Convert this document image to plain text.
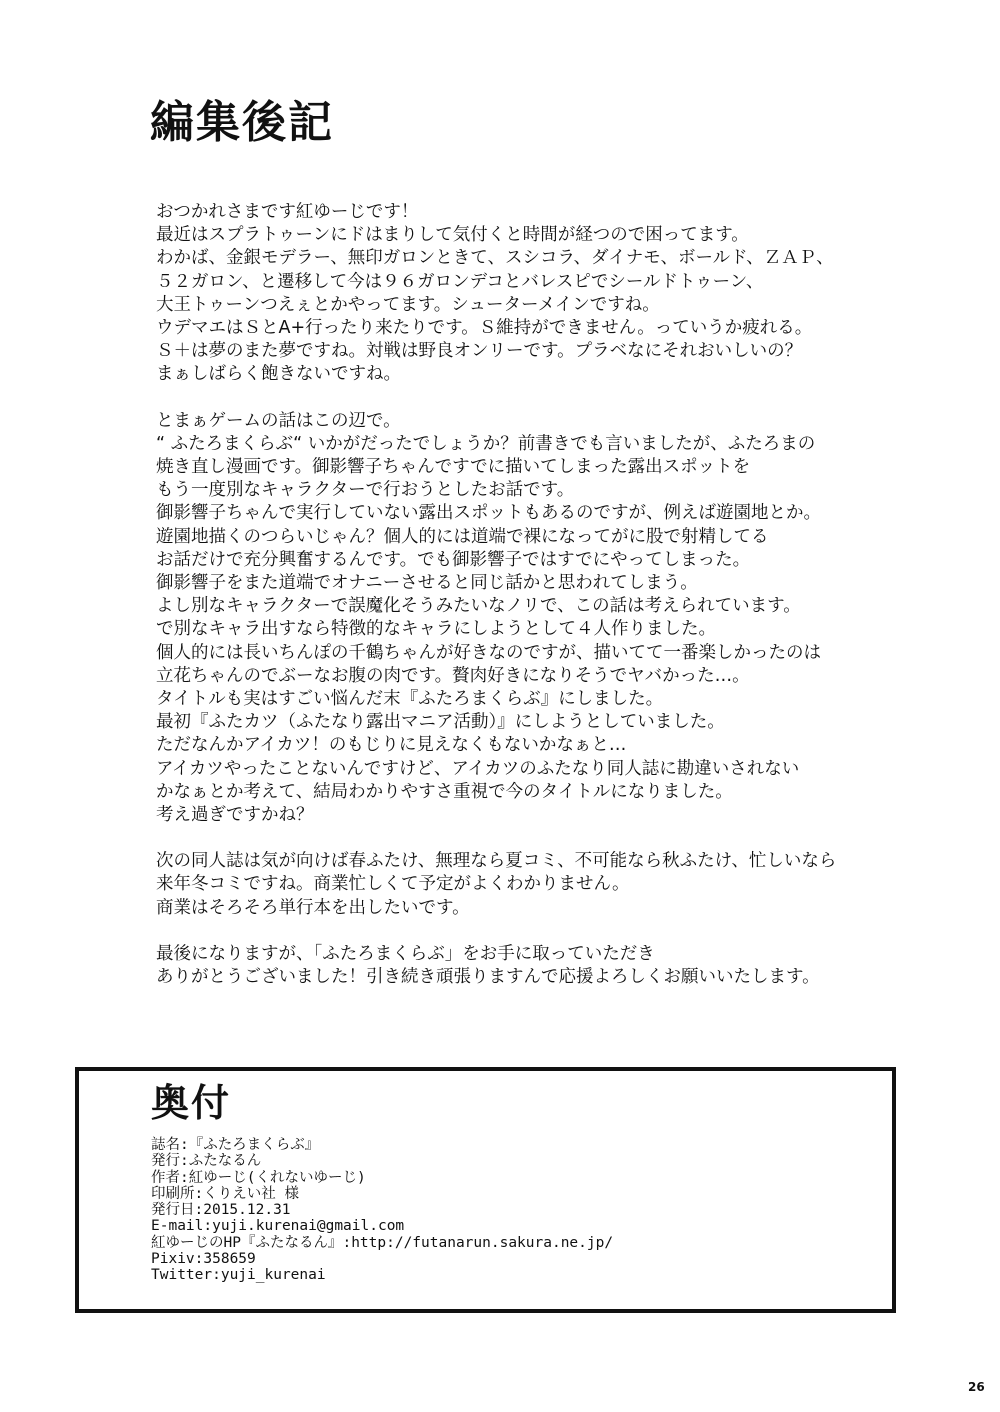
編集後記

おつかれさまです紅ゆーじです！
最近はスプラトゥーンにドはまりして気付くと時間が経つので困ってます。
わかば、金銀モデラー、無印ガロンときて、スシコラ、ダイナモ、ボールド、ＺＡＰ、
５２ガロン、と遷移して今は９６ガロンデコとバレスピでシールドトゥーン、
大王トゥーンつえぇとかやってます。シューターメインですね。
ウデマエはＳとA+行ったり来たりです。Ｓ維持ができません。っていうか疲れる。
Ｓ＋は夢のまた夢ですね。対戦は野良オンリーです。プラベなにそれおいしいの？
まぁしばらく飽きないですね。

とまぁゲームの話はこの辺で。
“ ふたろまくらぶ“ いかがだったでしょうか？前書きでも言いましたが、ふたろまの
焼き直し漫画です。御影響子ちゃんですでに描いてしまった露出スポットを
もう一度別なキャラクターで行おうとしたお話です。
御影響子ちゃんで実行していない露出スポットもあるのですが、例えば遊園地とか。
遊園地描くのつらいじゃん？個人的には道端で裸になってがに股で射精してる
お話だけで充分興奮するんです。でも御影響子ではすでにやってしまった。
御影響子をまた道端でオナニーさせると同じ話かと思われてしまう。
よし別なキャラクターで誤魔化そうみたいなノリで、この話は考えられています。
で別なキャラ出すなら特徴的なキャラにしようとして４人作りました。
個人的には長いちんぽの千鶴ちゃんが好きなのですが、描いてて一番楽しかったのは
立花ちゃんのでぶーなお腹の肉です。贅肉好きになりそうでヤバかった…。
タイトルも実はすごい悩んだ末『ふたろまくらぶ』にしました。
最初『ふたカツ（ふたなり露出マニア活動）』にしようとしていました。
ただなんかアイカツ！のもじりに見えなくもないかなぁと…
アイカツやったことないんですけど、アイカツのふたなり同人誌に勘違いされない
かなぁとか考えて、結局わかりやすさ重視で今のタイトルになりました。
考え過ぎですかね？

次の同人誌は気が向けば春ふたけ、無理なら夏コミ、不可能なら秋ふたけ、忙しいなら
来年冬コミですね。商業忙しくて予定がよくわかりません。
商業はそろそろ単行本を出したいです。

最後になりますが、「ふたろまくらぶ」をお手に取っていただき
ありがとうございました！引き続き頑張りますんで応援よろしくお願いいたします。

奥付
誌名:『ふたろまくらぶ』
発行:ふたなるん
作者:紅ゆーじ(くれないゆーじ)
印刷所:くりえい社 様
発行日:2015.12.31
E-mail:yuji.kurenai@gmail.com
紅ゆーじのHP『ふたなるん』:http://futanarun.sakura.ne.jp/
Pixiv:358659
Twitter:yuji_kurenai
26
